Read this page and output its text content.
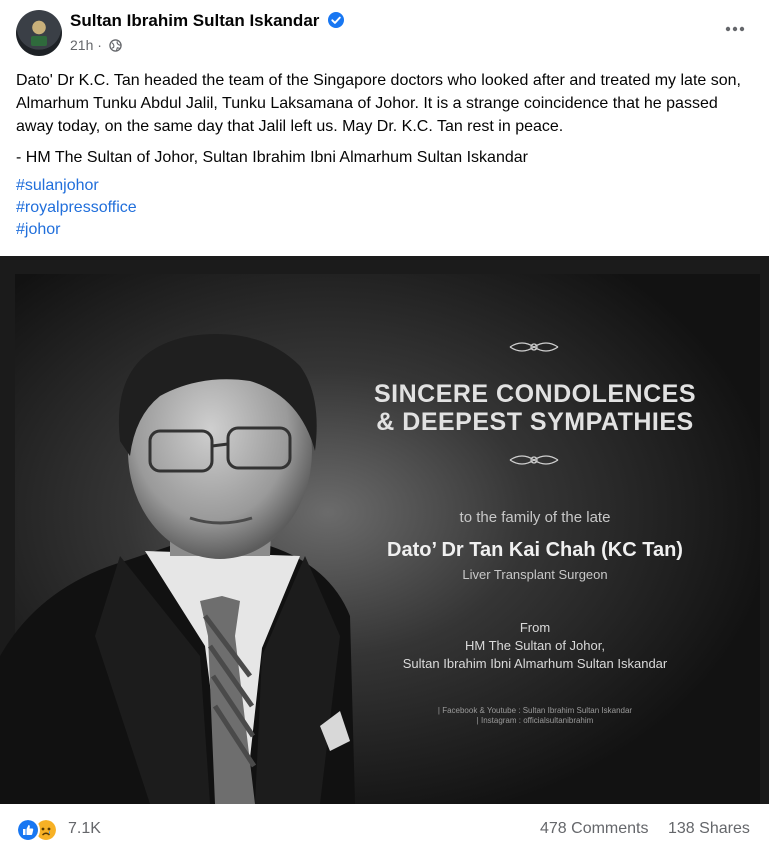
Sultan Ibrahim Sultan Iskandar
21h ·

Dato' Dr K.C. Tan headed the team of the Singapore doctors who looked after and treated my late son, Almarhum Tunku Abdul Jalil, Tunku Laksamana of Johor. It is a strange coincidence that he passed away today, on the same day that Jalil left us. May Dr. K.C. Tan rest in peace.

- HM The Sultan of Johor, Sultan Ibrahim Ibni Almarhum Sultan Iskandar

#sulanjohor
#royalpressoffice
#johor
SINCERE CONDOLENCES
& DEEPEST SYMPATHIES
to the family of the late
Dato’ Dr Tan Kai Chah (KC Tan)
Liver Transplant Surgeon
From
HM The Sultan of Johor,
Sultan Ibrahim Ibni Almarhum Sultan Iskandar
| Facebook & Youtube : Sultan Ibrahim Sultan Iskandar
| Instagram : officialsultanibrahim
7.1K	478 Comments 138 Shares
